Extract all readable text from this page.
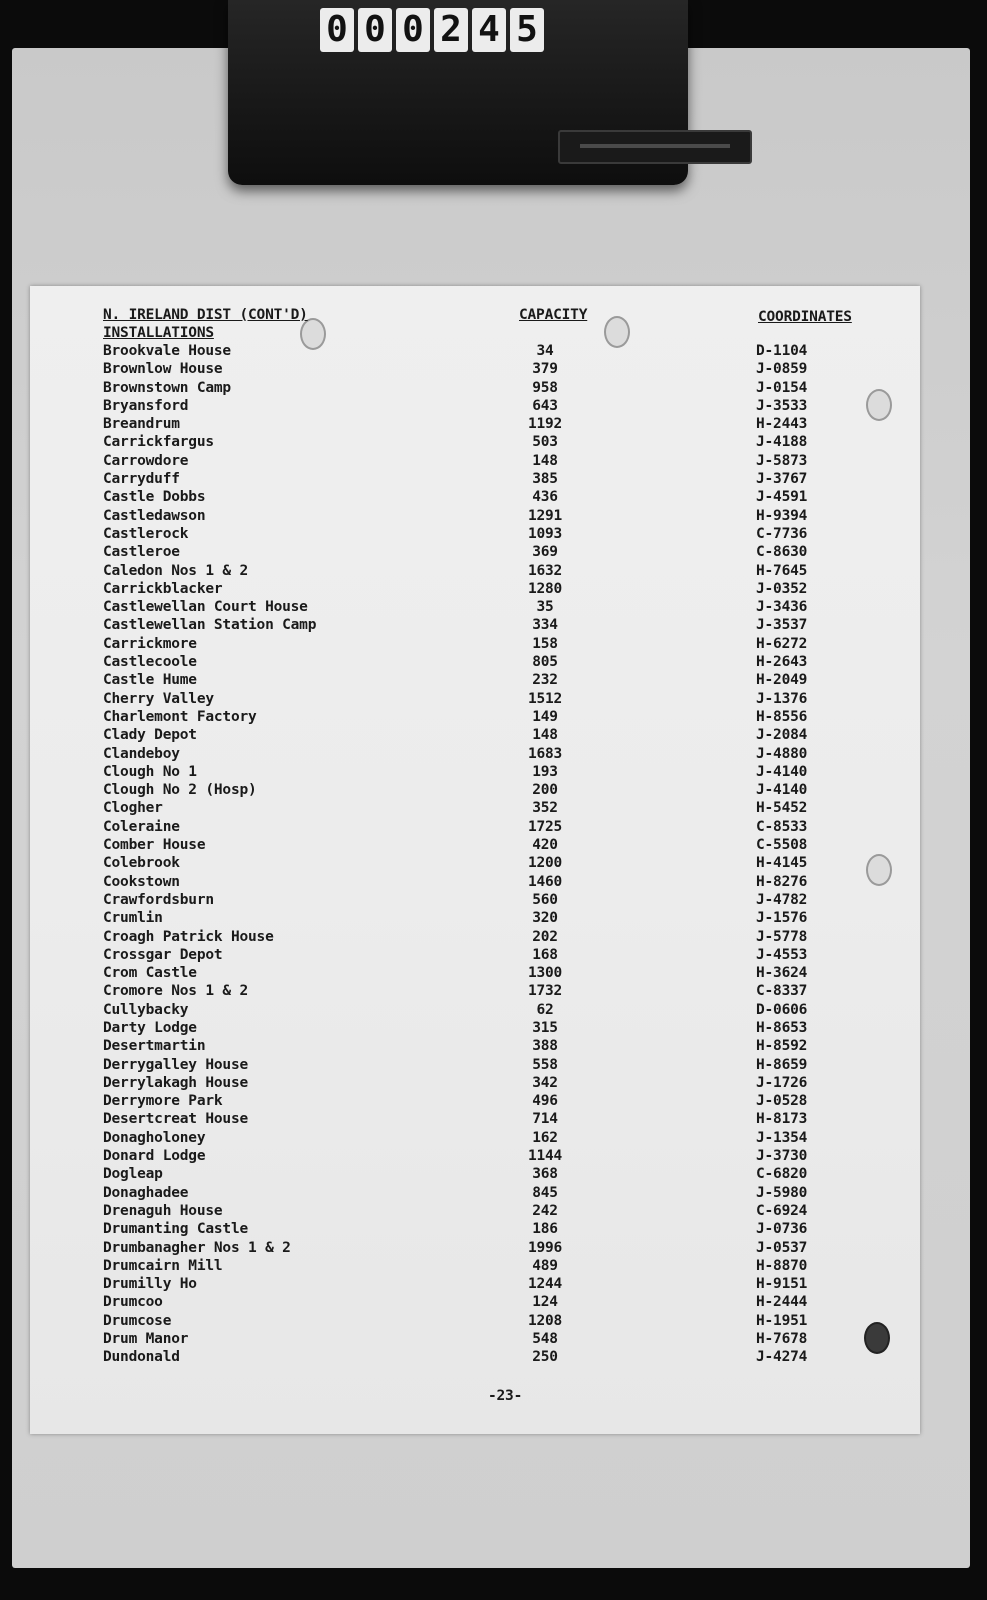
0 0 0 2 4 5
N. IRELAND DIST (CONT'D)
INSTALLATIONS
CAPACITY	COORDINATES
Brookvale House	34	D-1104
Brownlow House	379	J-0859
Brownstown Camp	958	J-0154
Bryansford	643	J-3533
Breandrum	1192	H-2443
Carrickfargus	503	J-4188
Carrowdore	148	J-5873
Carryduff	385	J-3767
Castle Dobbs	436	J-4591
Castledawson	1291	H-9394
Castlerock	1093	C-7736
Castleroe	369	C-8630
Caledon Nos 1 & 2	1632	H-7645
Carrickblacker	1280	J-0352
Castlewellan Court House	35	J-3436
Castlewellan Station Camp	334	J-3537
Carrickmore	158	H-6272
Castlecoole	805	H-2643
Castle Hume	232	H-2049
Cherry Valley	1512	J-1376
Charlemont Factory	149	H-8556
Clady Depot	148	J-2084
Clandeboy	1683	J-4880
Clough No 1	193	J-4140
Clough No 2 (Hosp)	200	J-4140
Clogher	352	H-5452
Coleraine	1725	C-8533
Comber House	420	C-5508
Colebrook	1200	H-4145
Cookstown	1460	H-8276
Crawfordsburn	560	J-4782
Crumlin	320	J-1576
Croagh Patrick House	202	J-5778
Crossgar Depot	168	J-4553
Crom Castle	1300	H-3624
Cromore Nos 1 & 2	1732	C-8337
Cullybacky	62	D-0606
Darty Lodge	315	H-8653
Desertmartin	388	H-8592
Derrygalley House	558	H-8659
Derrylakagh House	342	J-1726
Derrymore Park	496	J-0528
Desertcreat House	714	H-8173
Donagholoney	162	J-1354
Donard Lodge	1144	J-3730
Dogleap	368	C-6820
Donaghadee	845	J-5980
Drenaguh House	242	C-6924
Drumanting Castle	186	J-0736
Drumbanagher Nos 1 & 2	1996	J-0537
Drumcairn Mill	489	H-8870
Drumilly Ho	1244	H-9151
Drumcoo	124	H-2444
Drumcose	1208	H-1951
Drum Manor	548	H-7678
Dundonald	250	J-4274
-23-
